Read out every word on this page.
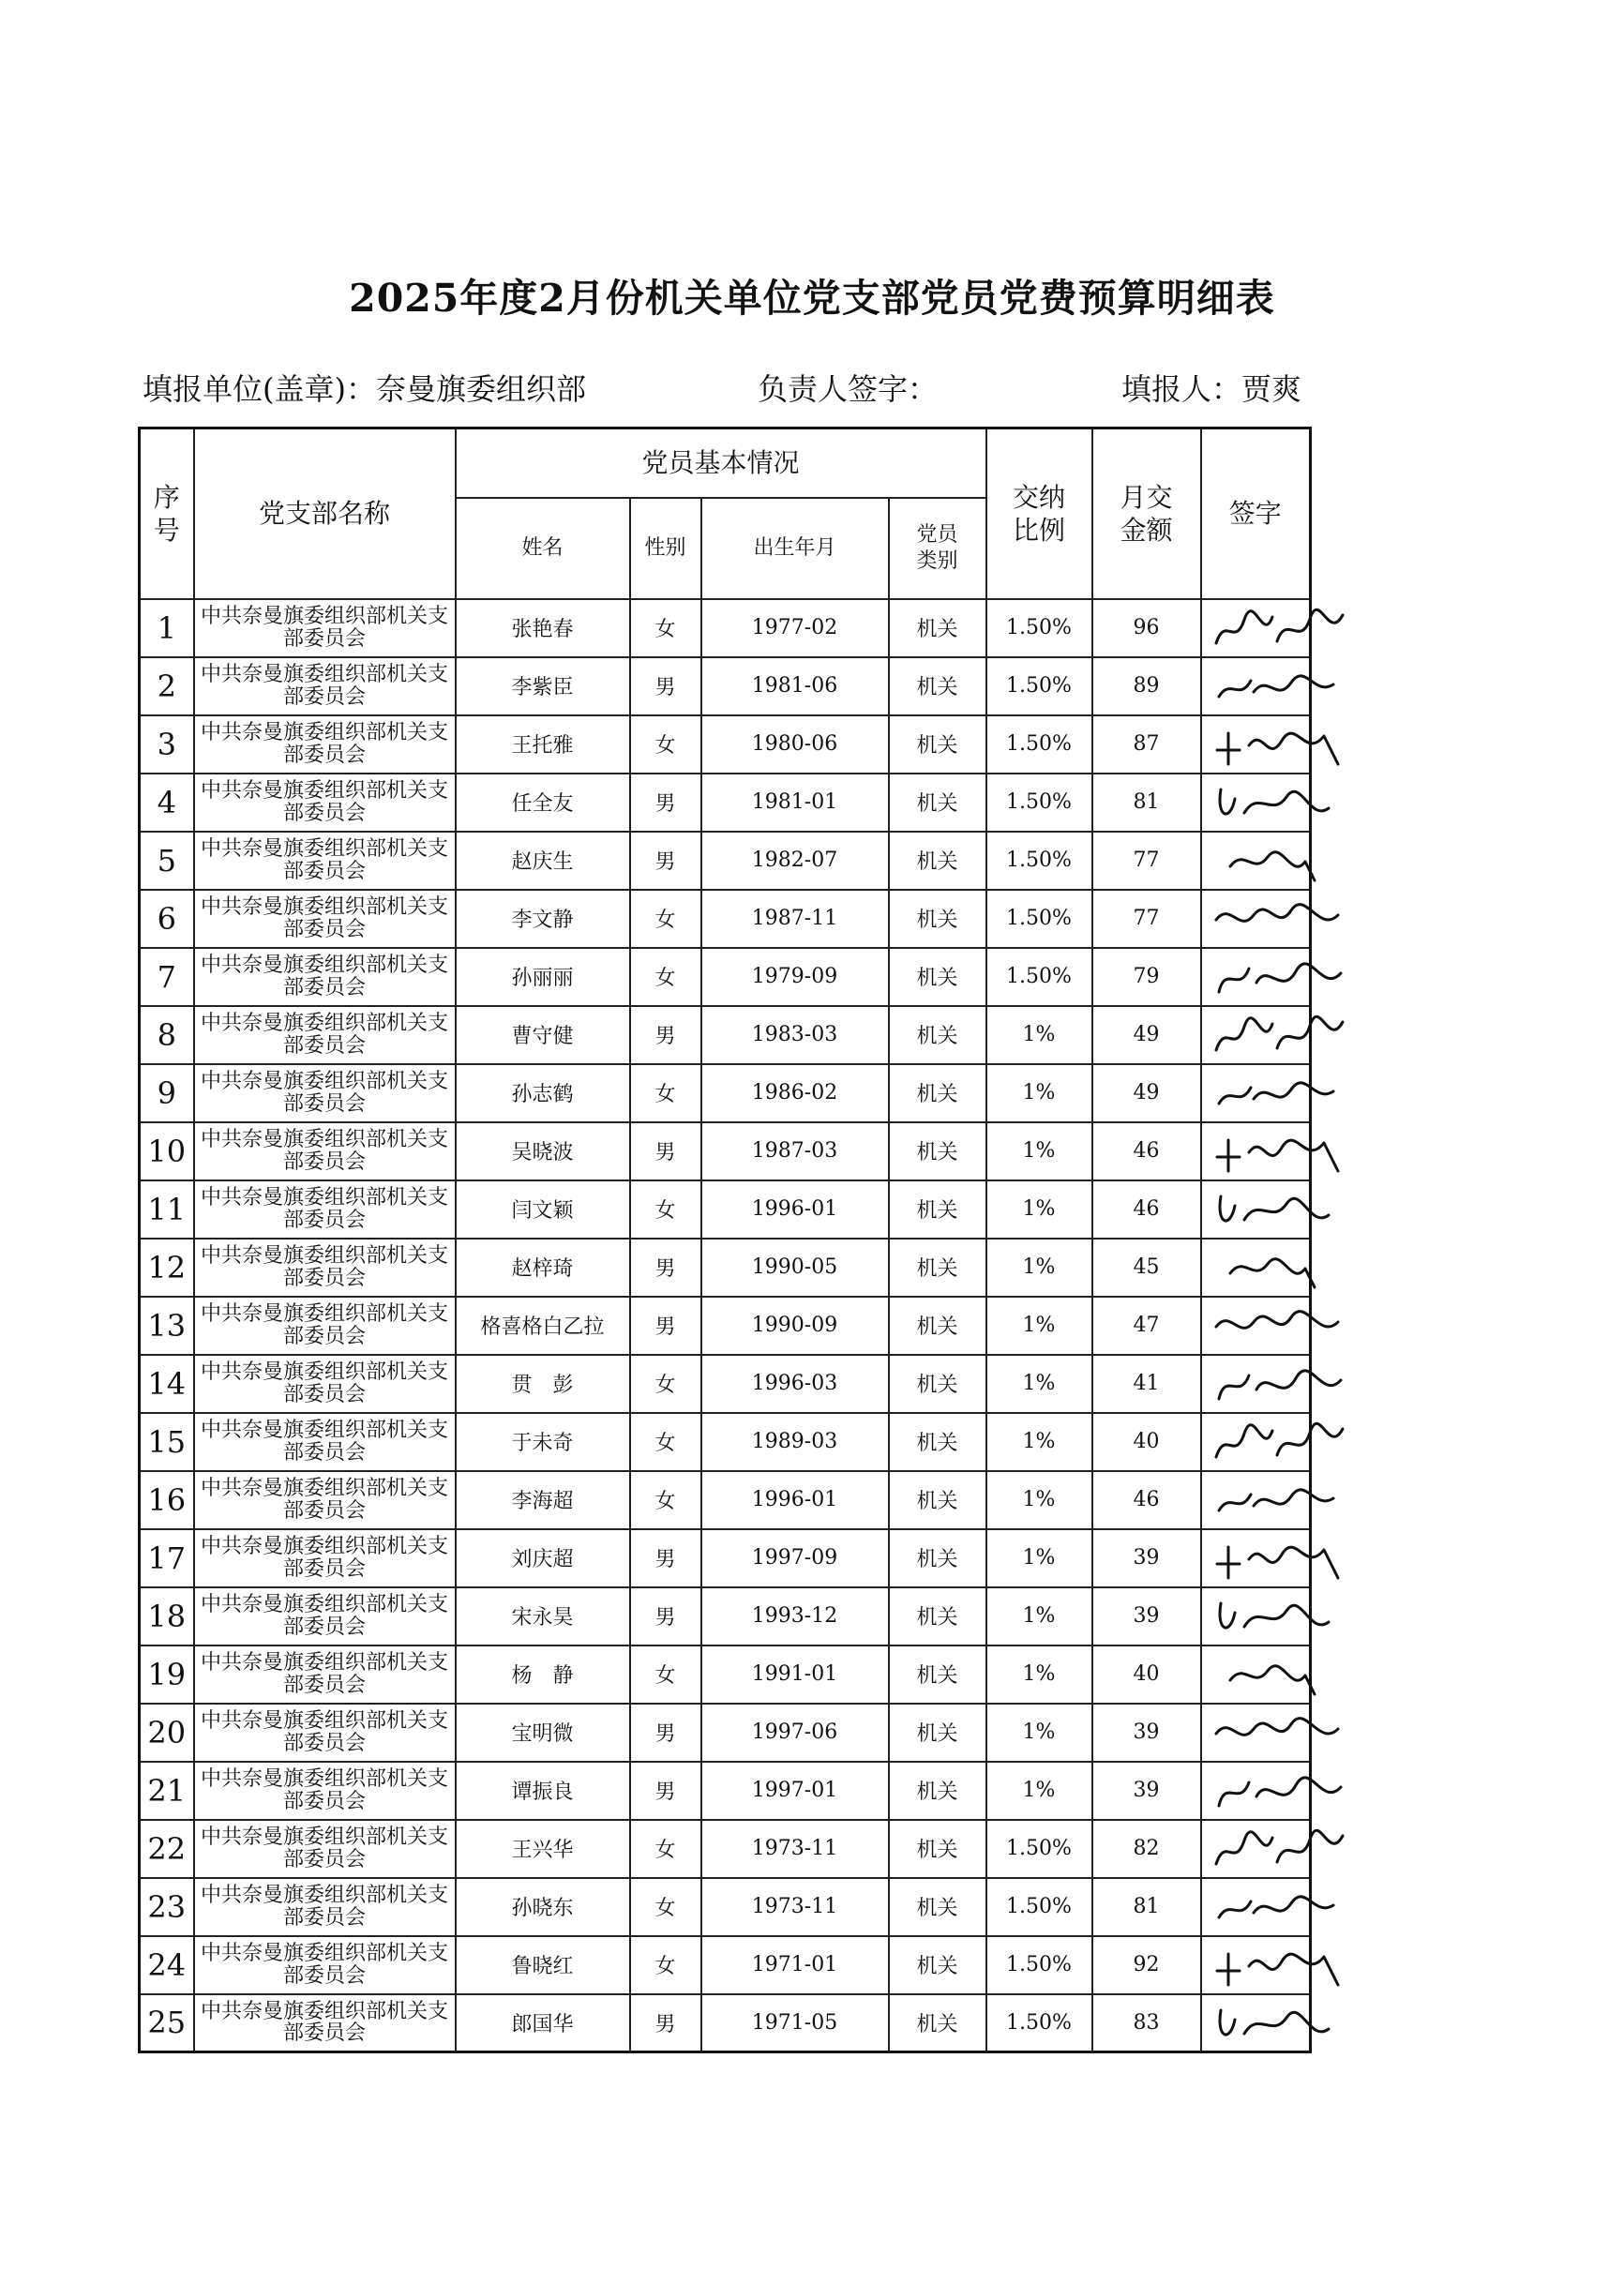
2025年度2月份机关单位党支部党员党费预算明细表
填报单位(盖章)：奈曼旗委组织部	负责人签字：	填报人：贾爽
序号	党支部名称	党员基本情况				交纳比例	月交金额	签字
		姓名	性别	出生年月	党员类别			
1	中共奈曼旗委组织部机关支部委员会	张艳春	女	1977-02	机关	1.50%	96	

2	中共奈曼旗委组织部机关支部委员会	李紫臣	男	1981-06	机关	1.50%	89	

3	中共奈曼旗委组织部机关支部委员会	王托雅	女	1980-06	机关	1.50%	87	

4	中共奈曼旗委组织部机关支部委员会	任全友	男	1981-01	机关	1.50%	81	

5	中共奈曼旗委组织部机关支部委员会	赵庆生	男	1982-07	机关	1.50%	77	

6	中共奈曼旗委组织部机关支部委员会	李文静	女	1987-11	机关	1.50%	77	

7	中共奈曼旗委组织部机关支部委员会	孙丽丽	女	1979-09	机关	1.50%	79	

8	中共奈曼旗委组织部机关支部委员会	曹守健	男	1983-03	机关	1%	49	

9	中共奈曼旗委组织部机关支部委员会	孙志鹤	女	1986-02	机关	1%	49	

10	中共奈曼旗委组织部机关支部委员会	吴晓波	男	1987-03	机关	1%	46	

11	中共奈曼旗委组织部机关支部委员会	闫文颖	女	1996-01	机关	1%	46	

12	中共奈曼旗委组织部机关支部委员会	赵梓琦	男	1990-05	机关	1%	45	

13	中共奈曼旗委组织部机关支部委员会	格喜格白乙拉	男	1990-09	机关	1%	47	

14	中共奈曼旗委组织部机关支部委员会	贯　彭	女	1996-03	机关	1%	41	

15	中共奈曼旗委组织部机关支部委员会	于未奇	女	1989-03	机关	1%	40	

16	中共奈曼旗委组织部机关支部委员会	李海超	女	1996-01	机关	1%	46	

17	中共奈曼旗委组织部机关支部委员会	刘庆超	男	1997-09	机关	1%	39	

18	中共奈曼旗委组织部机关支部委员会	宋永昊	男	1993-12	机关	1%	39	

19	中共奈曼旗委组织部机关支部委员会	杨　静	女	1991-01	机关	1%	40	

20	中共奈曼旗委组织部机关支部委员会	宝明微	男	1997-06	机关	1%	39	

21	中共奈曼旗委组织部机关支部委员会	谭振良	男	1997-01	机关	1%	39	

22	中共奈曼旗委组织部机关支部委员会	王兴华	女	1973-11	机关	1.50%	82	

23	中共奈曼旗委组织部机关支部委员会	孙晓东	女	1973-11	机关	1.50%	81	

24	中共奈曼旗委组织部机关支部委员会	鲁晓红	女	1971-01	机关	1.50%	92	

25	中共奈曼旗委组织部机关支部委员会	郎国华	男	1971-05	机关	1.50%	83	
